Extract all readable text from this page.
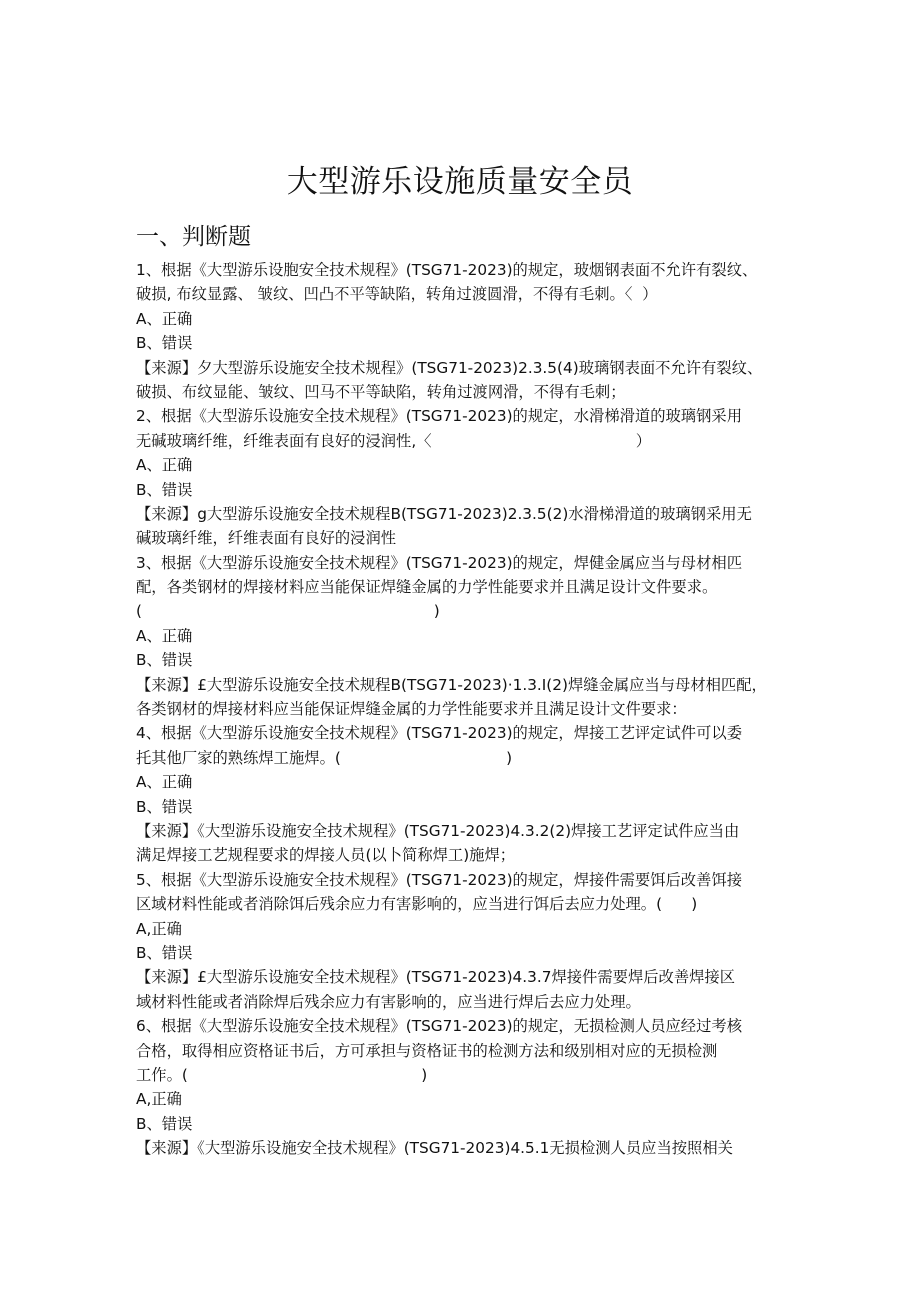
大型游乐设施质量安全员
一、判断题
1、根据《大型游乐设胞安全技术规程》(TSG71-2023)的规定，玻烟钢表面不允许有裂纹、
破损, 布纹显露、 皱纹、凹凸不平等缺陷，转角过渡圆滑，不得有毛刺。〈  ）
A、正确
B、错误
【来源】夕大型游乐设施安全技术规程》(TSG71-2023)2.3.5(4)玻璃钢表面不允许有裂纹、
破损、布纹显能、皱纹、凹马不平等缺陷，转角过渡网滑，不得有毛刺；
2、根据《大型游乐设施安全技术规程》(TSG71-2023)的规定，水滑梯滑道的玻璃钢采用
无碱玻璃纤维，纤维表面有良好的浸润性,〈                                          ）
A、正确
B、错误
【来源】g大型游乐设施安全技术规程B(TSG71-2023)2.3.5(2)水滑梯滑道的玻璃钢采用无
碱玻璃纤维，纤维表面有良好的浸润性
3、根据《大型游乐设施安全技术规程》(TSG71-2023)的规定，焊健金属应当与母材相匹
配，各类钢材的焊接材料应当能保证焊缝金属的力学性能要求并且满足设计文件要求。
(                                                            )
A、正确
B、错误
【来源】£大型游乐设施安全技术规程B(TSG71-2023)·1.3.I(2)焊缝金属应当与母材相匹配，
各类钢材的焊接材料应当能保证焊缝金属的力学性能要求并且满足设计文件要求：
4、根据《大型游乐设施安全技术规程》(TSG71-2023)的规定，焊接工艺评定试件可以委
托其他厂家的熟练焊工施焊。(                                  )
A、正确
B、错误
【来源】《大型游乐设施安全技术规程》(TSG71-2023)4.3.2(2)焊接工艺评定试件应当由
满足焊接工艺规程要求的焊接人员(以卜简称焊工)施焊；
5、根据《大型游乐设施安全技术规程》(TSG71-2023)的规定，焊接件需要饵后改善饵接
区域材料性能或者消除饵后残余应力有害影响的，应当进行饵后去应力处理。(      )
A,正确
B、错误
【来源】£大型游乐设施安全技术规程》(TSG71-2023)4.3.7焊接件需要焊后改善焊接区
域材料性能或者消除焊后残余应力有害影响的，应当进行焊后去应力处理。
6、根据《大型游乐设施安全技术规程》(TSG71-2023)的规定，无损检测人员应经过考核
合格，取得相应资格证书后，方可承担与资格证书的检测方法和级别相对应的无损检测
工作。(                                                )
A,正确
B、错误
【来源】《大型游乐设施安全技术规程》(TSG71-2023)4.5.1无损检测人员应当按照相关
